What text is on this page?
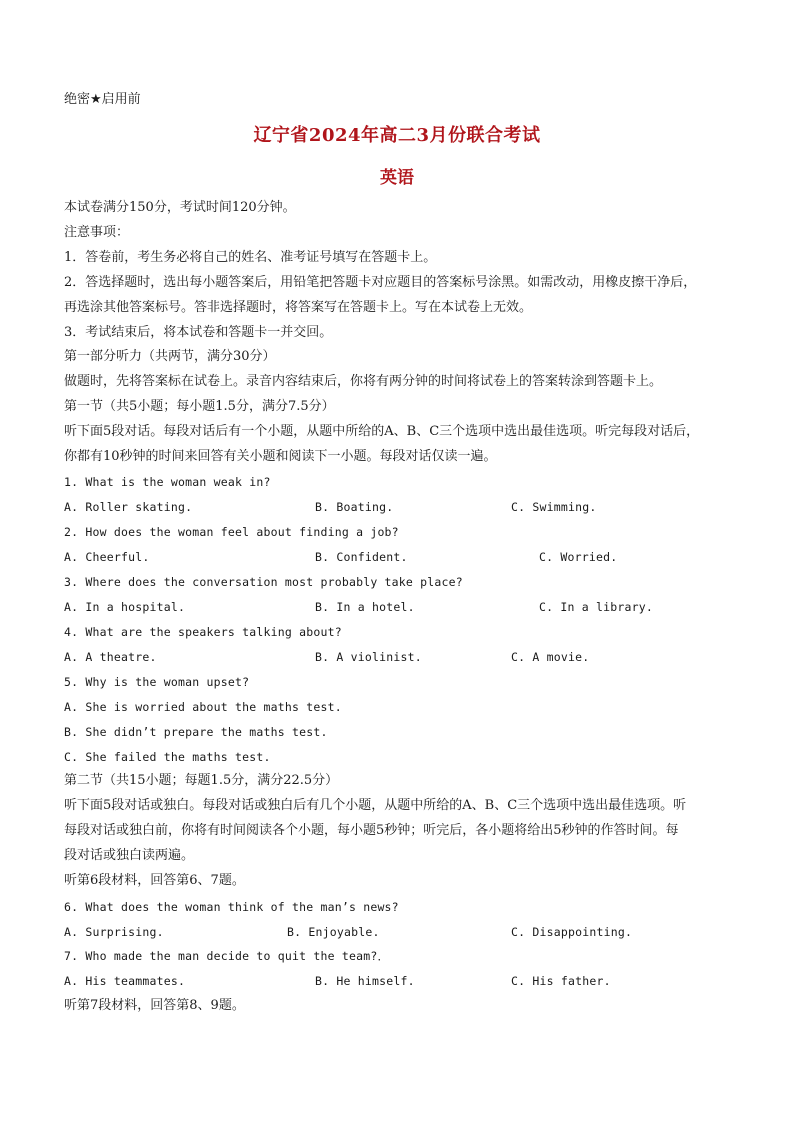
绝密★启用前
辽宁省2024年高二3月份联合考试
英语
本试卷满分150分，考试时间120分钟。
注意事项：
1．答卷前，考生务必将自己的姓名、准考证号填写在答题卡上。
2．答选择题时，选出每小题答案后，用铅笔把答题卡对应题目的答案标号涂黑。如需改动，用橡皮擦干净后，
再选涂其他答案标号。答非选择题时，将答案写在答题卡上。写在本试卷上无效。
3．考试结束后，将本试卷和答题卡一并交回。
第一部分听力（共两节，满分30分）
做题时，先将答案标在试卷上。录音内容结束后，你将有两分钟的时间将试卷上的答案转涂到答题卡上。
第一节（共5小题；每小题1.5分，满分7.5分）
听下面5段对话。每段对话后有一个小题，从题中所给的A、B、C三个选项中选出最佳选项。听完每段对话后，
你都有10秒钟的时间来回答有关小题和阅读下一小题。每段对话仅读一遍。
1. What is the woman weak in?
A. Roller skating.	B. Boating.	C. Swimming.
2. How does the woman feel about finding a job?
A. Cheerful.	B. Confident.	C. Worried.
3. Where does the conversation most probably take place?
A. In a hospital.	B. In a hotel.	C. In a library.
4. What are the speakers talking about?
A. A theatre.	B. A violinist.	C. A movie.
5. Why is the woman upset?
A. She is worried about the maths test.
B. She didn’t prepare the maths test.
C. She failed the maths test.
第二节（共15小题；每题1.5分，满分22.5分）
听下面5段对话或独白。每段对话或独白后有几个小题，从题中所给的A、B、C三个选项中选出最佳选项。听
每段对话或独白前，你将有时间阅读各个小题，每小题5秒钟；听完后，各小题将给出5秒钟的作答时间。每
段对话或独白读两遍。
听第6段材料，回答第6、7题。
6. What does the woman think of the man’s news?
A. Surprising.	B. Enjoyable.	C. Disappointing.
7. Who made the man decide to quit the team?．
A. His teammates.	B. He himself.	C. His father.
听第7段材料，回答第8、9题。
